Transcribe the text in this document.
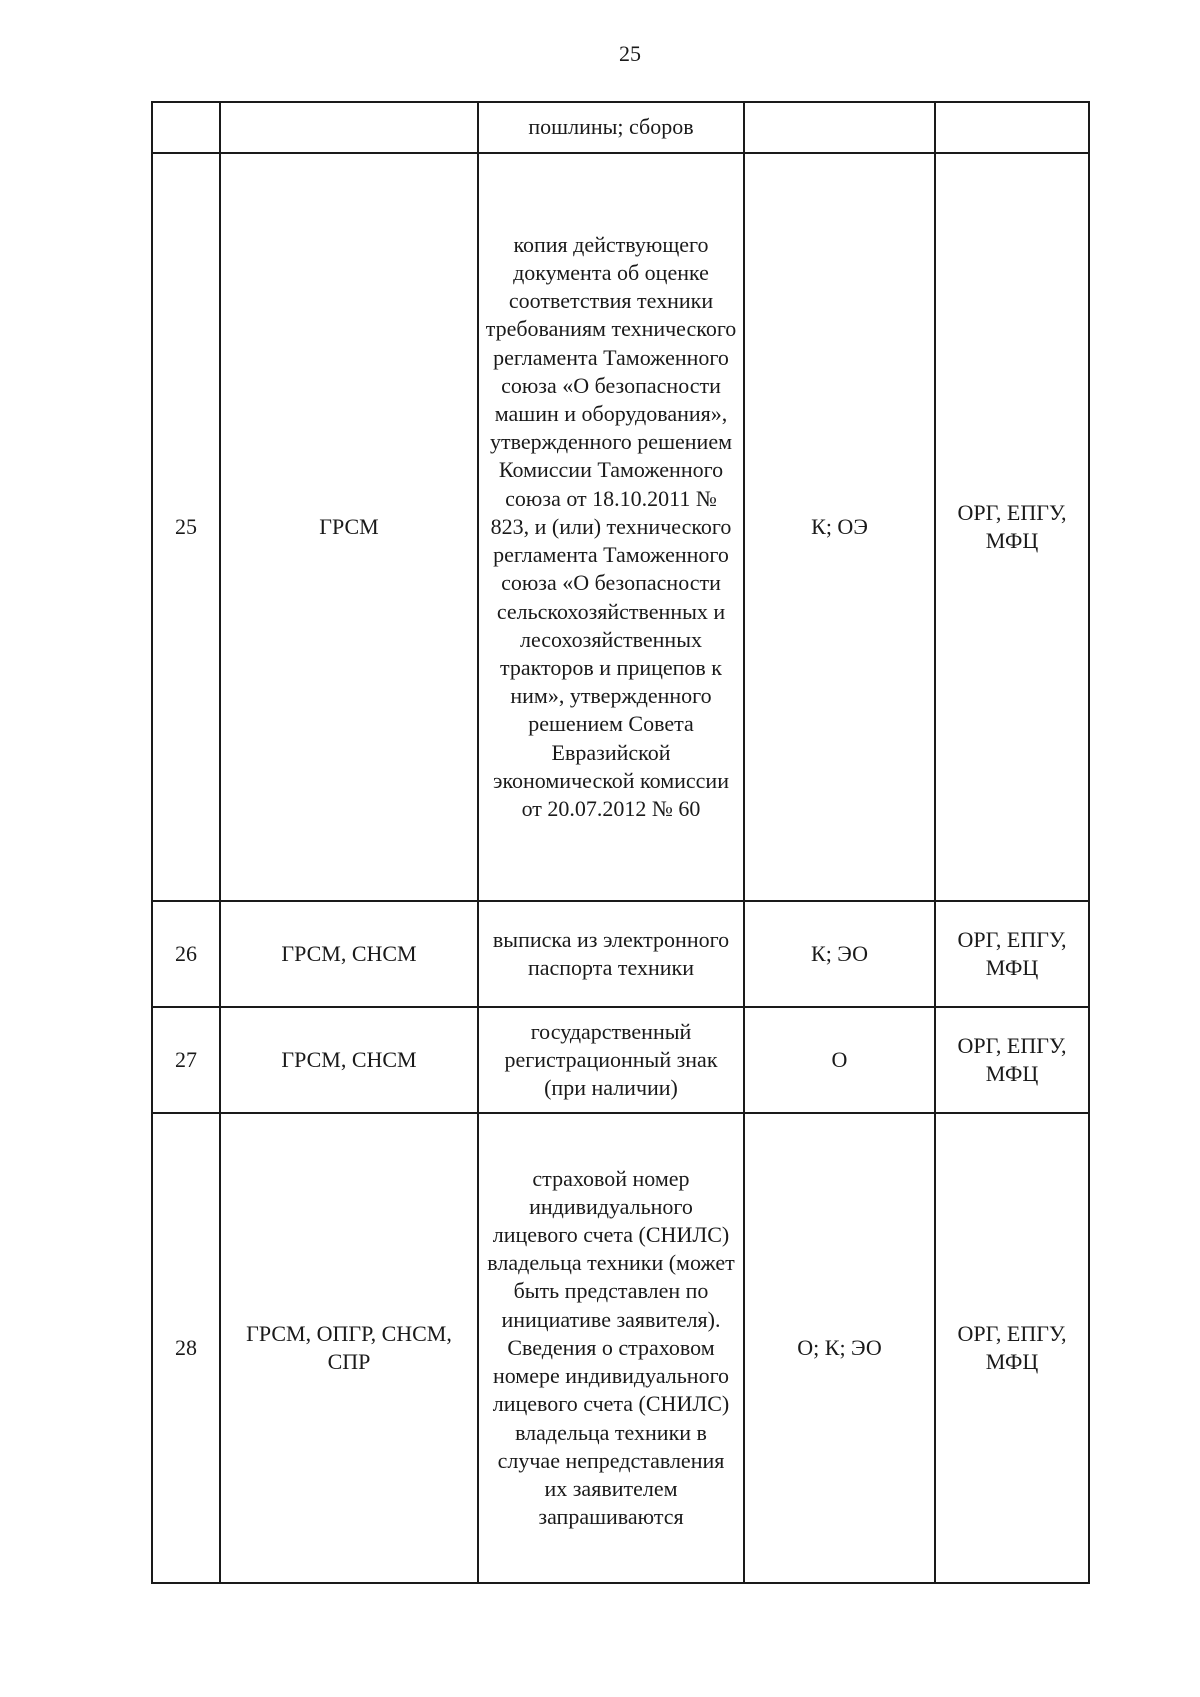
25
		пошлины; сборов		
25	ГРСМ	копия действующего документа об оценке соответствия техники требованиям технического регламента Таможенного союза «О безопасности машин и оборудования», утвержденного решением Комиссии Таможенного союза от 18.10.2011 № 823, и (или) технического регламента Таможенного союза «О безопасности сельскохозяйственных и лесохозяйственных тракторов и прицепов к ним», утвержденного решением Совета Евразийской экономической комиссии от 20.07.2012 № 60	К; ОЭ	ОРГ, ЕПГУ, МФЦ
26	ГРСМ, СНСМ	выписка из электронного паспорта техники	К; ЭО	ОРГ, ЕПГУ, МФЦ
27	ГРСМ, СНСМ	государственный регистрационный знак (при наличии)	О	ОРГ, ЕПГУ, МФЦ
28	ГРСМ, ОПГР, СНСМ, СПР	страховой номер индивидуального лицевого счета (СНИЛС) владельца техники (может быть представлен по инициативе заявителя). Сведения о страховом номере индивидуального лицевого счета (СНИЛС) владельца техники в случае непредставления их заявителем запрашиваются	О; К; ЭО	ОРГ, ЕПГУ, МФЦ
